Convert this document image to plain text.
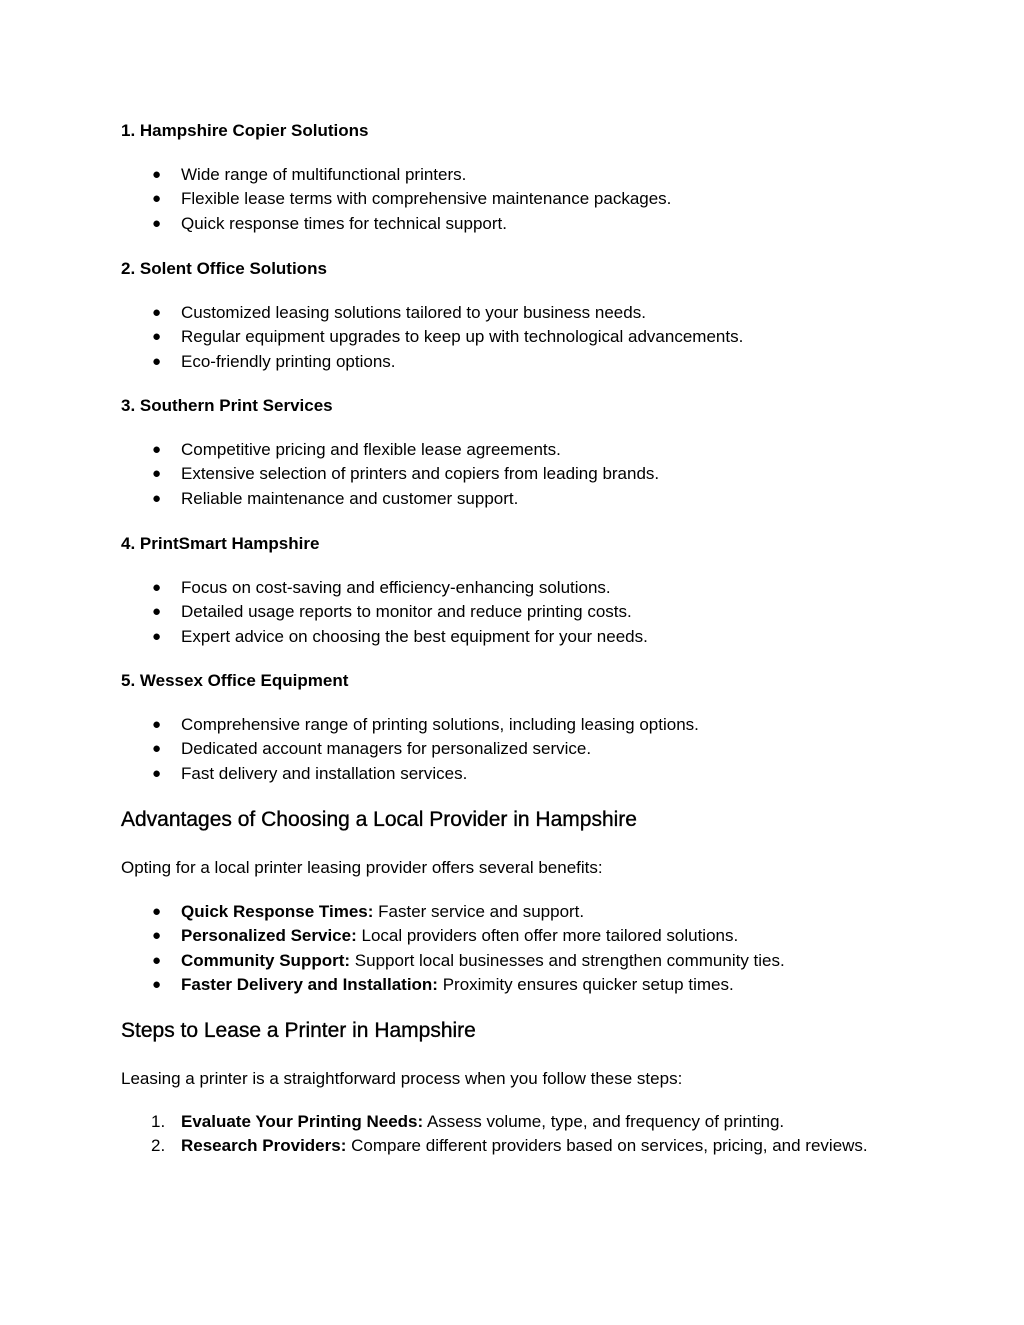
1. Hampshire Copier Solutions
● Wide range of multifunctional printers.
● Flexible lease terms with comprehensive maintenance packages.
● Quick response times for technical support.
2. Solent Office Solutions
● Customized leasing solutions tailored to your business needs.
● Regular equipment upgrades to keep up with technological advancements.
● Eco-friendly printing options.
3. Southern Print Services
● Competitive pricing and flexible lease agreements.
● Extensive selection of printers and copiers from leading brands.
● Reliable maintenance and customer support.
4. PrintSmart Hampshire
● Focus on cost-saving and efficiency-enhancing solutions.
● Detailed usage reports to monitor and reduce printing costs.
● Expert advice on choosing the best equipment for your needs.
5. Wessex Office Equipment
● Comprehensive range of printing solutions, including leasing options.
● Dedicated account managers for personalized service.
● Fast delivery and installation services.
Advantages of Choosing a Local Provider in Hampshire
Opting for a local printer leasing provider offers several benefits:
● Quick Response Times: Faster service and support.
● Personalized Service: Local providers often offer more tailored solutions.
● Community Support: Support local businesses and strengthen community ties.
● Faster Delivery and Installation: Proximity ensures quicker setup times.
Steps to Lease a Printer in Hampshire
Leasing a printer is a straightforward process when you follow these steps:
1. Evaluate Your Printing Needs: Assess volume, type, and frequency of printing.
2. Research Providers: Compare different providers based on services, pricing, and reviews.
